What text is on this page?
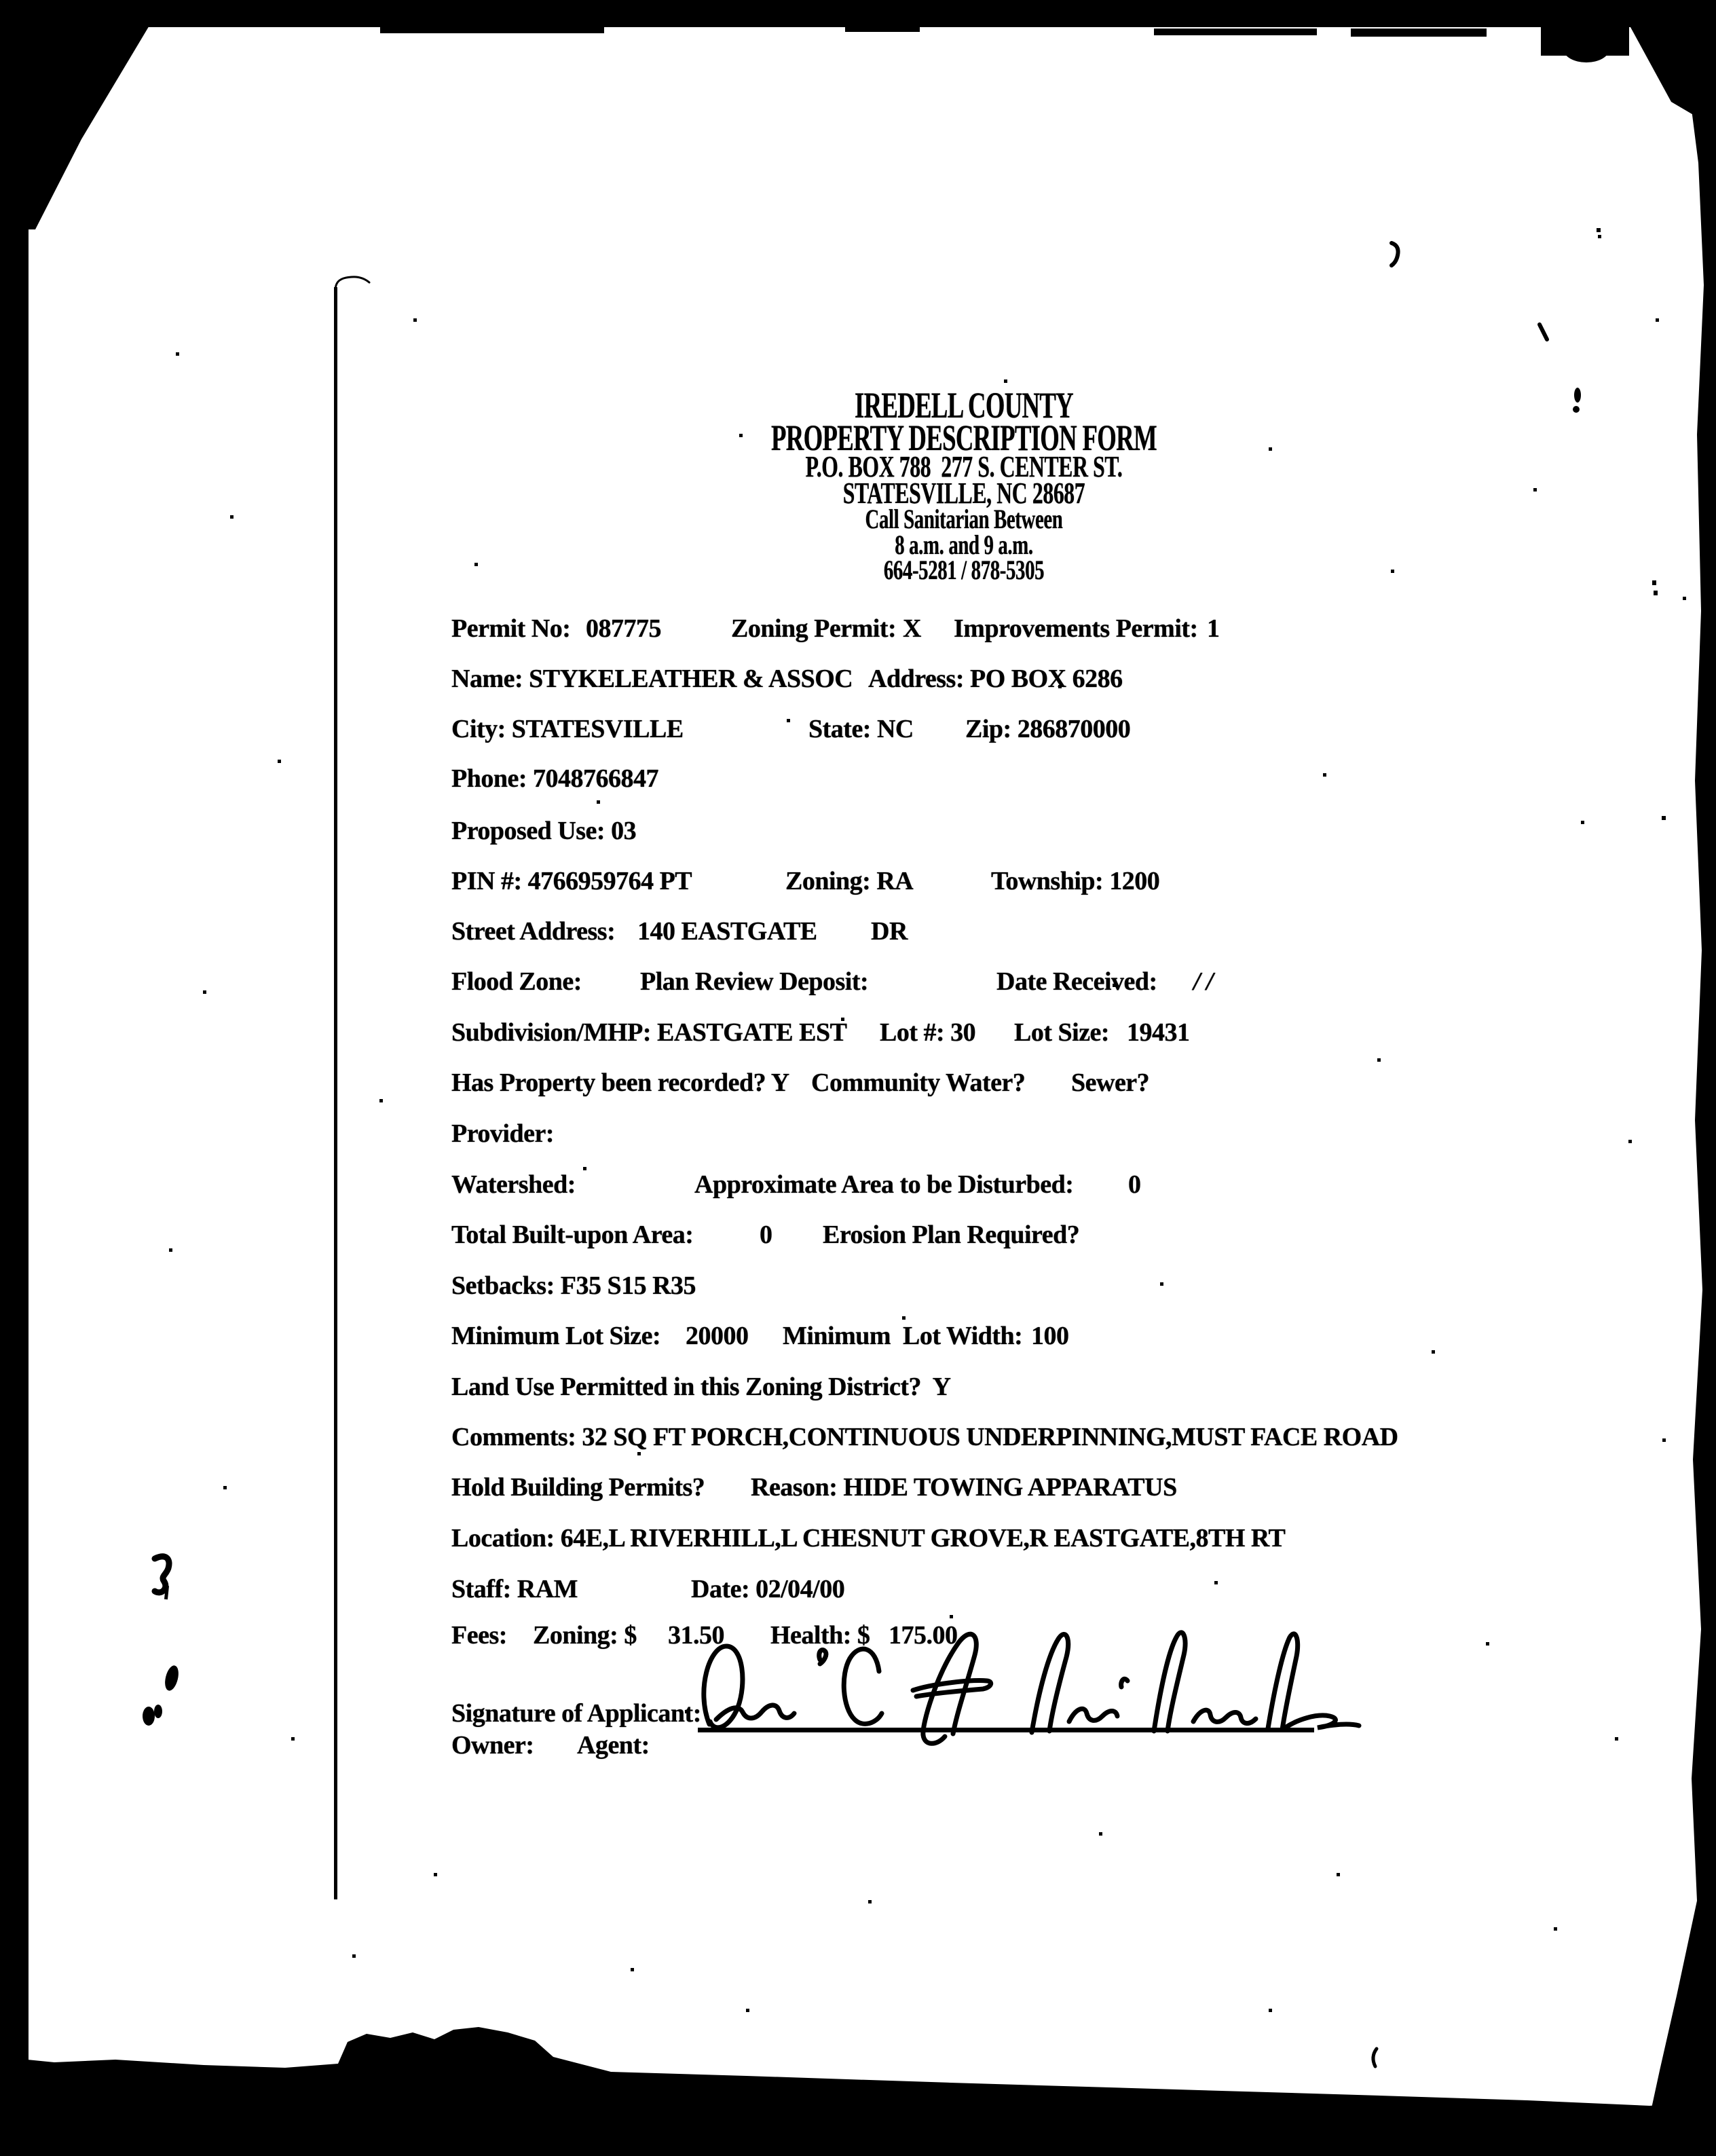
IREDELL COUNTY
PROPERTY DESCRIPTION FORM
P.O. BOX 788  277 S. CENTER ST.
STATESVILLE, NC 28687
Call Sanitarian Between
8 a.m. and 9 a.m.
664-5281 / 878-5305
Permit No: 087775	Zoning Permit: X Improvements Permit: 1
Name: STYKELEATHER & ASSOC Address: PO BOX 6286
City: STATESVILLE	State: NC Zip: 286870000
Phone: 7048766847
Proposed Use: 03
PIN #: 4766959764 PT	Zoning: RA	Township: 1200
Street Address: 140 EASTGATE DR
Flood Zone: Plan Review Deposit:	Date Received: / /
Subdivision/MHP: EASTGATE EST Lot #: 30 Lot Size: 19431
Has Property been recorded? Y Community Water? Sewer?
Provider:
Watershed:	Approximate Area to be Disturbed: 0
Total Built-upon Area:	0 Erosion Plan Required?
Setbacks: F35 S15 R35
Minimum Lot Size: 20000 Minimum  Lot Width: 100
Land Use Permitted in this Zoning District?  Y
Comments: 32 SQ FT PORCH,CONTINUOUS UNDERPINNING,MUST FACE ROAD
Hold Building Permits? Reason: HIDE TOWING APPARATUS
Location: 64E,L RIVERHILL,L CHESNUT GROVE,R EASTGATE,8TH RT
Staff: RAM	Date: 02/04/00
Fees: Zoning: $ 31.50 Health: $ 175.00
Signature of Applicant:
Owner: Agent:
